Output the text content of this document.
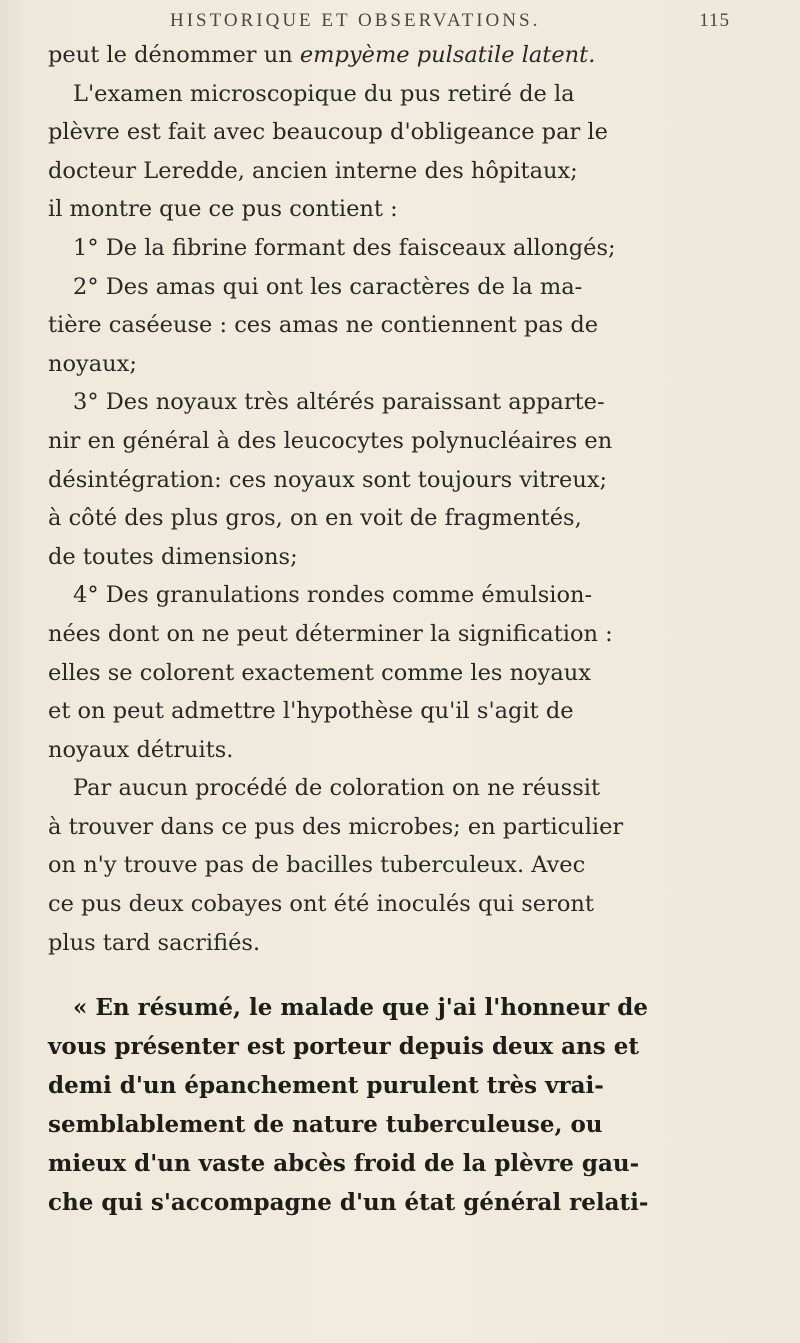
HISTORIQUE ET OBSERVATIONS.	115

peut le dénommer un empyème pulsatile latent.
L'examen microscopique du pus retiré de la
plèvre est fait avec beaucoup d'obligeance par le
docteur Leredde, ancien interne des hôpitaux;
il montre que ce pus contient :

1° De la fibrine formant des faisceaux allongés;

2° Des amas qui ont les caractères de la ma-
tière caséeuse : ces amas ne contiennent pas de
noyaux;

3° Des noyaux très altérés paraissant apparte-
nir en général à des leucocytes polynucléaires en
désintégration: ces noyaux sont toujours vitreux;
à côté des plus gros, on en voit de fragmentés,
de toutes dimensions;

4° Des granulations rondes comme émulsion-
nées dont on ne peut déterminer la signification :
elles se colorent exactement comme les noyaux
et on peut admettre l'hypothèse qu'il s'agit de
noyaux détruits.

Par aucun procédé de coloration on ne réussit
à trouver dans ce pus des microbes; en particulier
on n'y trouve pas de bacilles tuberculeux. Avec
ce pus deux cobayes ont été inoculés qui seront
plus tard sacrifiés.

« En résumé, le malade que j'ai l'honneur de
vous présenter est porteur depuis deux ans et
demi d'un épanchement purulent très vrai-
semblablement de nature tuberculeuse, ou
mieux d'un vaste abcès froid de la plèvre gau-
che qui s'accompagne d'un état général relati-
